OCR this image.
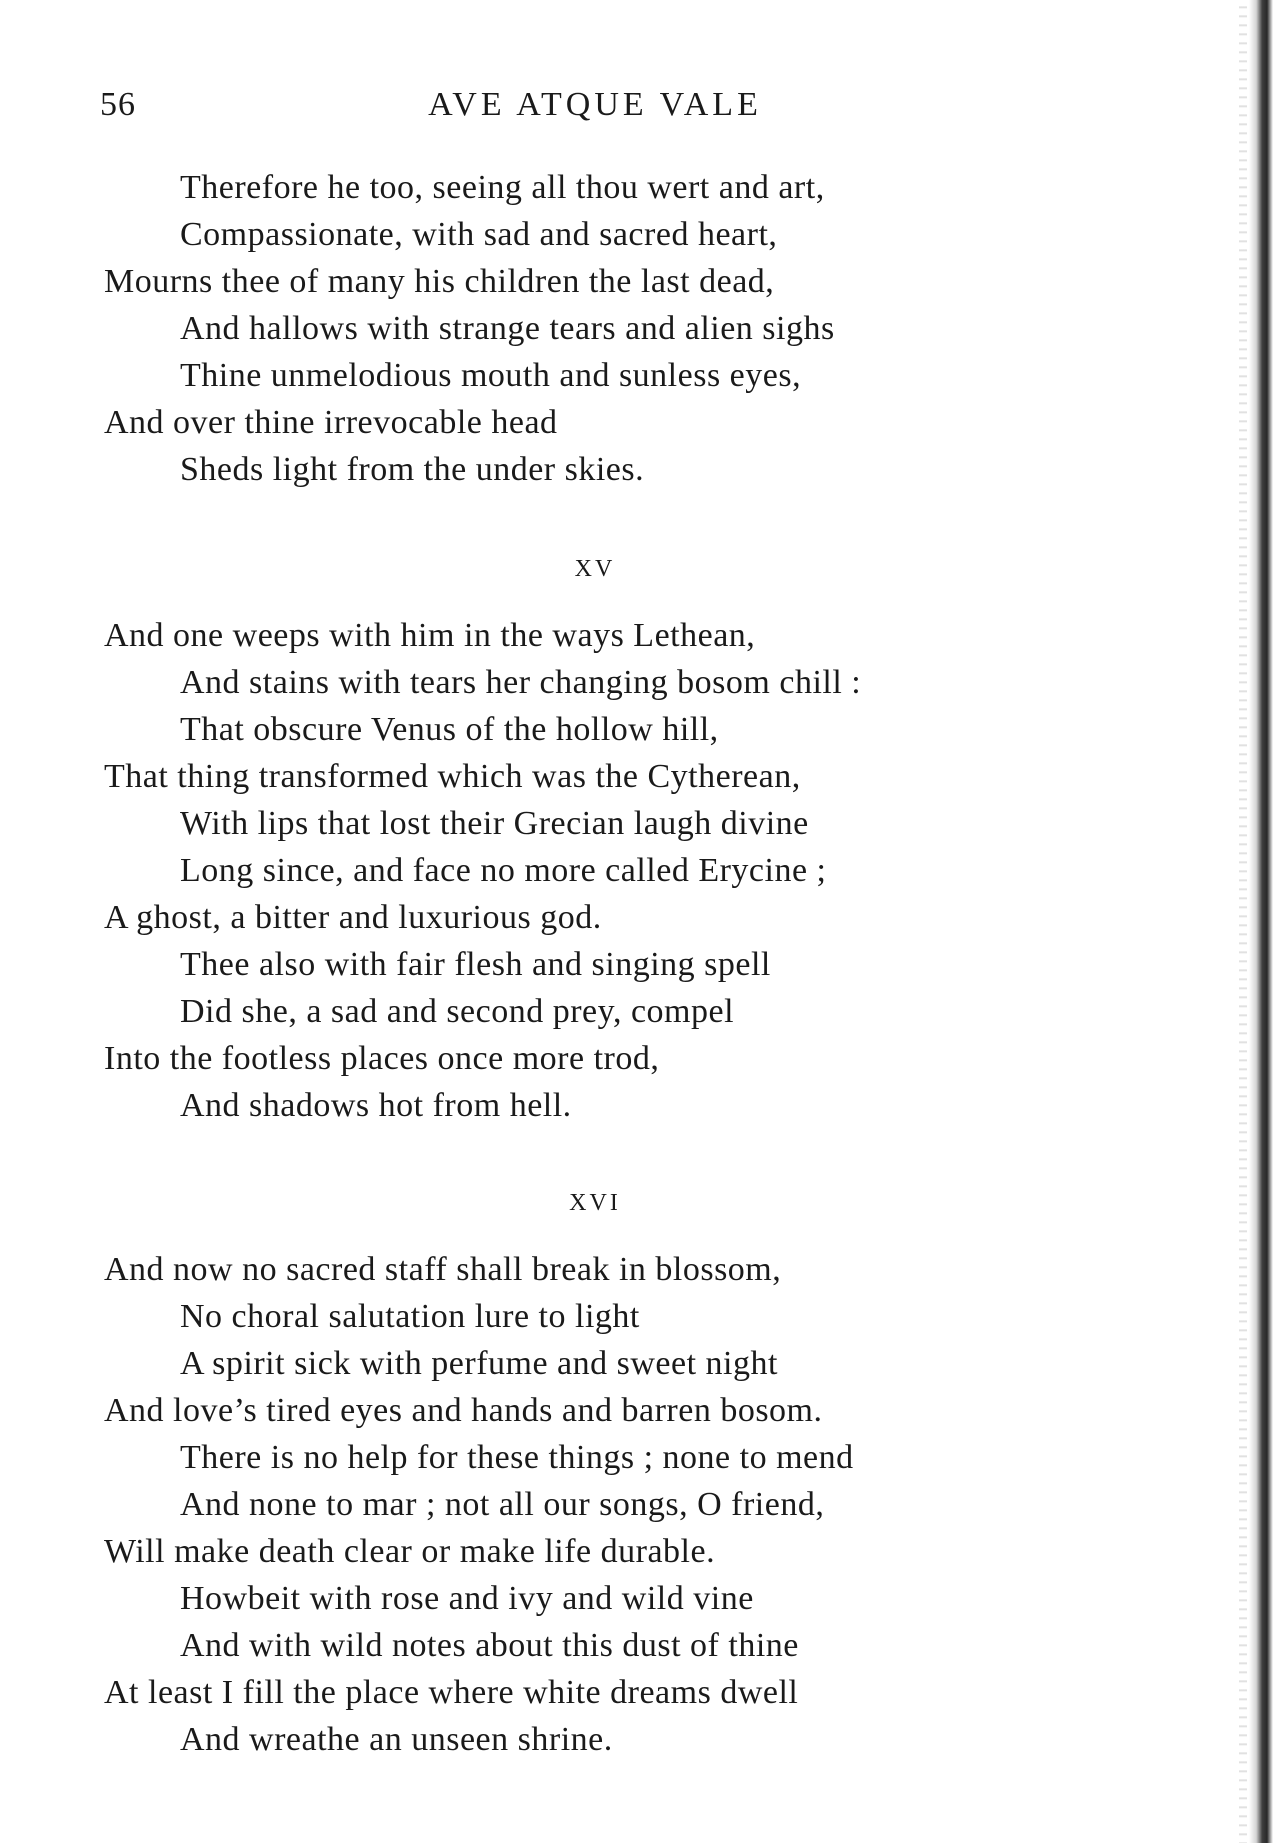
56	AVE ATQUE VALE
Therefore he too, seeing all thou wert and art,
Compassionate, with sad and sacred heart,
Mourns thee of many his children the last dead,
And hallows with strange tears and alien sighs
Thine unmelodious mouth and sunless eyes,
And over thine irrevocable head
Sheds light from the under skies.
XV
And one weeps with him in the ways Lethean,
And stains with tears her changing bosom chill :
That obscure Venus of the hollow hill,
That thing transformed which was the Cytherean,
With lips that lost their Grecian laugh divine
Long since, and face no more called Erycine ;
A ghost, a bitter and luxurious god.
Thee also with fair flesh and singing spell
Did she, a sad and second prey, compel
Into the footless places once more trod,
And shadows hot from hell.
XVI
And now no sacred staff shall break in blossom,
No choral salutation lure to light
A spirit sick with perfume and sweet night
And love’s tired eyes and hands and barren bosom.
There is no help for these things ; none to mend
And none to mar ; not all our songs, O friend,
Will make death clear or make life durable.
Howbeit with rose and ivy and wild vine
And with wild notes about this dust of thine
At least I fill the place where white dreams dwell
And wreathe an unseen shrine.
